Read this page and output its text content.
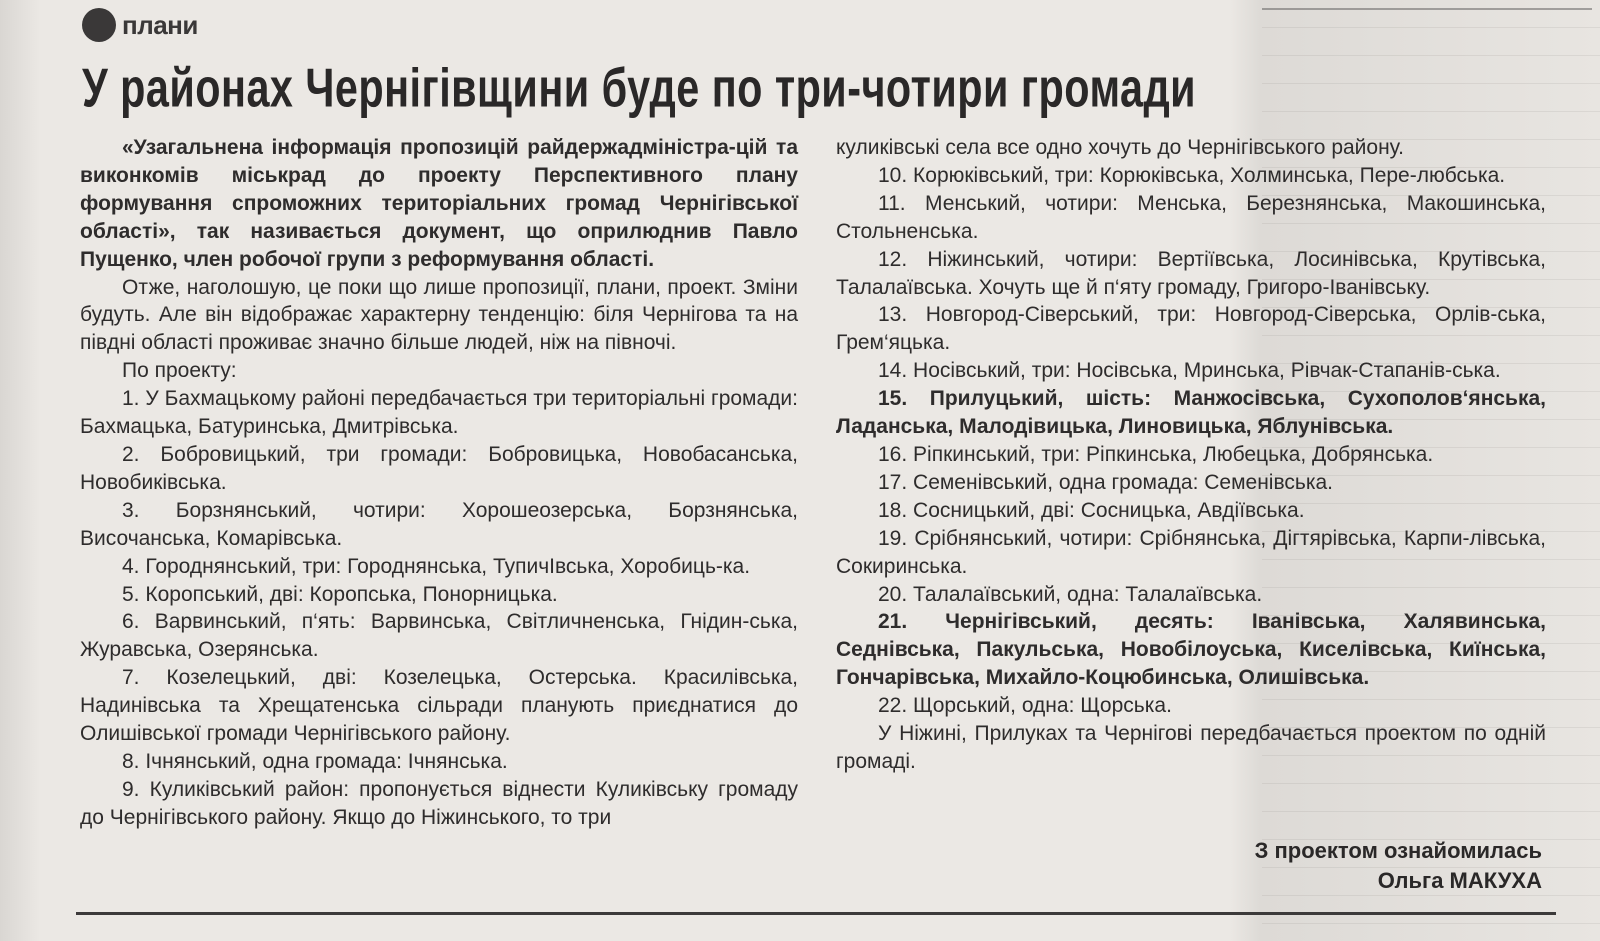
плани
У районах Чернігівщини буде по три-чотири громади

«Узагальнена інформація пропозицій райдержадміністра-цій та виконкомів міськрад до проекту Перспективного плану формування спроможних територіальних громад Чернігівської області», так називається документ, що оприлюднив Павло Пущенко, член робочої групи з реформування області.

Отже, наголошую, це поки що лише пропозиції, плани, проект. Зміни будуть. Але він відображає характерну тенденцію: біля Чернігова та на півдні області проживає значно більше людей, ніж на півночі.

По проекту:

1. У Бахмацькому районі передбачається три територіальні громади: Бахмацька, Батуринська, Дмитрівська.

2. Бобровицький, три громади: Бобровицька, Новобасанська, Новобиківська.

3. Борзнянський, чотири: Хорошеозерська, Борзнянська, Височанська, Комарівська.

4. Городнянський, три: Городнянська, ТупичІвська, Хоробиць-ка.

5. Коропський, дві: Коропська, Понорницька.

6. Варвинський, п‘ять: Варвинська, Світличненська, Гнідин-ська, Журавська, Озерянська.

7. Козелецький, дві: Козелецька, Остерська. Красилівська, Надинівська та Хрещатенська сільради планують приєднатися до Олишівської громади Чернігівського району.

8. Ічнянський, одна громада: Ічнянська.

9. Куликівський район: пропонується віднести Куликівську громаду до Чернігівського району. Якщо до Ніжинського, то три

куликівські села все одно хочуть до Чернігівського району.

10. Корюківський, три: Корюківська, Холминська, Пере-любська.

11. Менський, чотири: Менська, Березнянська, Макошинська, Стольненська.

12. Ніжинський, чотири: Вертіївська, Лосинівська, Крутівська, Талалаївська. Хочуть ще й п‘яту громаду, Григоро-Іванівську.

13. Новгород-Сіверський, три: Новгород-Сіверська, Орлів-ська, Грем‘яцька.

14. Носівський, три: Носівська, Мринська, Рівчак-Стапанів-ська.

15. Прилуцький, шість: Манжосівська, Сухополов‘янська, Ладанська, Малодівицька, Линовицька, Яблунівська.

16. Ріпкинський, три: Ріпкинська, Любецька, Добрянська.

17. Семенівський, одна громада: Семенівська.

18. Сосницький, дві: Сосницька, Авдіївська.

19. Срібнянський, чотири: Срібнянська, Дігтярівська, Карпи-лівська, Сокиринська.

20. Талалаївський, одна: Талалаївська.

21. Чернігівський, десять: Іванівська, Халявинська, Седнівська, Пакульська, Новобілоуська, Киселівська, Киїнська, Гончарівська, Михайло-Коцюбинська, Олишівська.

22. Щорський, одна: Щорська.

У Ніжині, Прилуках та Чернігові передбачається проектом по одній громаді.

З проектом ознайомилась
Ольга МАКУХА
